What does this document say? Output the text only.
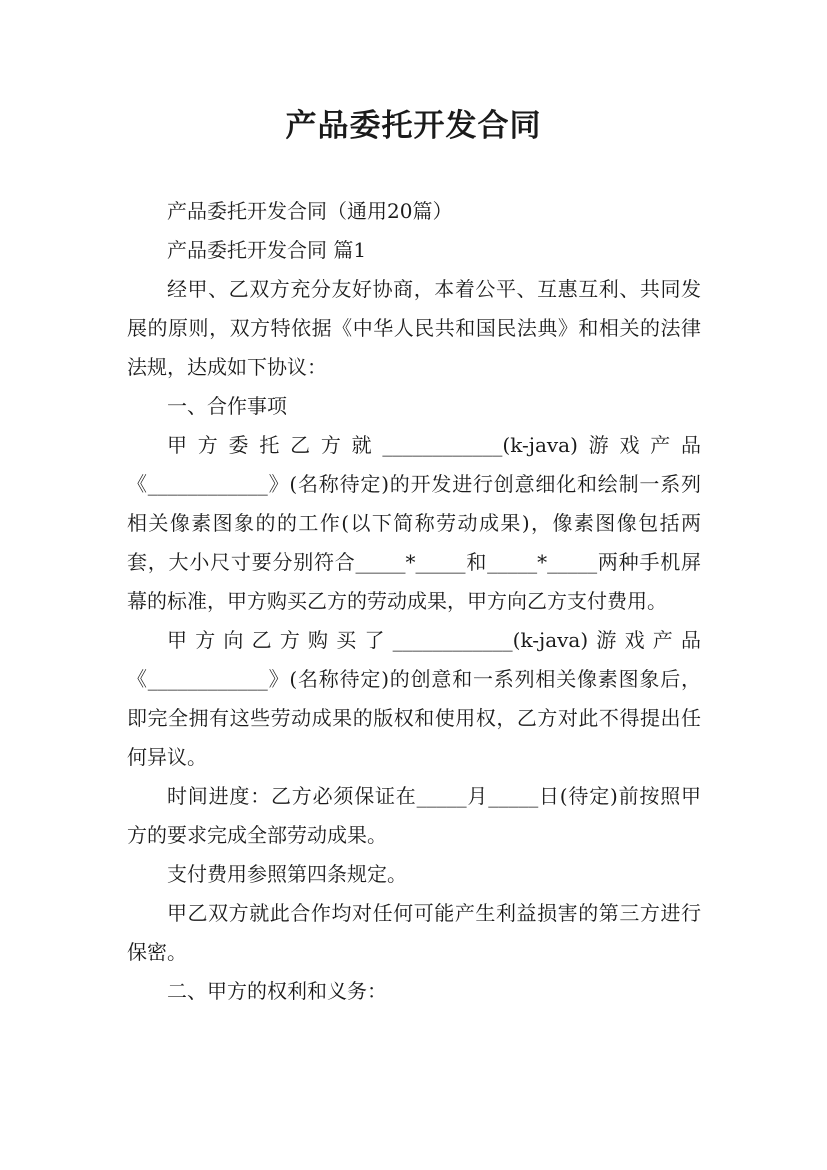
产品委托开发合同

产品委托开发合同（通用20篇）

产品委托开发合同 篇1

经甲、乙双方充分友好协商，本着公平、互惠互利、共同发展的原则，双方特依据《中华人民共和国民法典》和相关的法律法规，达成如下协议：

一、合作事项

甲方委托乙方就____________(k-java)游戏产品《____________》(名称待定)的开发进行创意细化和绘制一系列相关像素图象的的工作(以下简称劳动成果)，像素图像包括两套，大小尺寸要分别符合_____*_____和_____*_____两种手机屏幕的标准，甲方购买乙方的劳动成果，甲方向乙方支付费用。

甲方向乙方购买了____________(k-java)游戏产品《____________》(名称待定)的创意和一系列相关像素图象后，即完全拥有这些劳动成果的版权和使用权，乙方对此不得提出任何异议。

时间进度：乙方必须保证在_____月_____日(待定)前按照甲方的要求完成全部劳动成果。

支付费用参照第四条规定。

甲乙双方就此合作均对任何可能产生利益损害的第三方进行保密。

二、甲方的权利和义务：
